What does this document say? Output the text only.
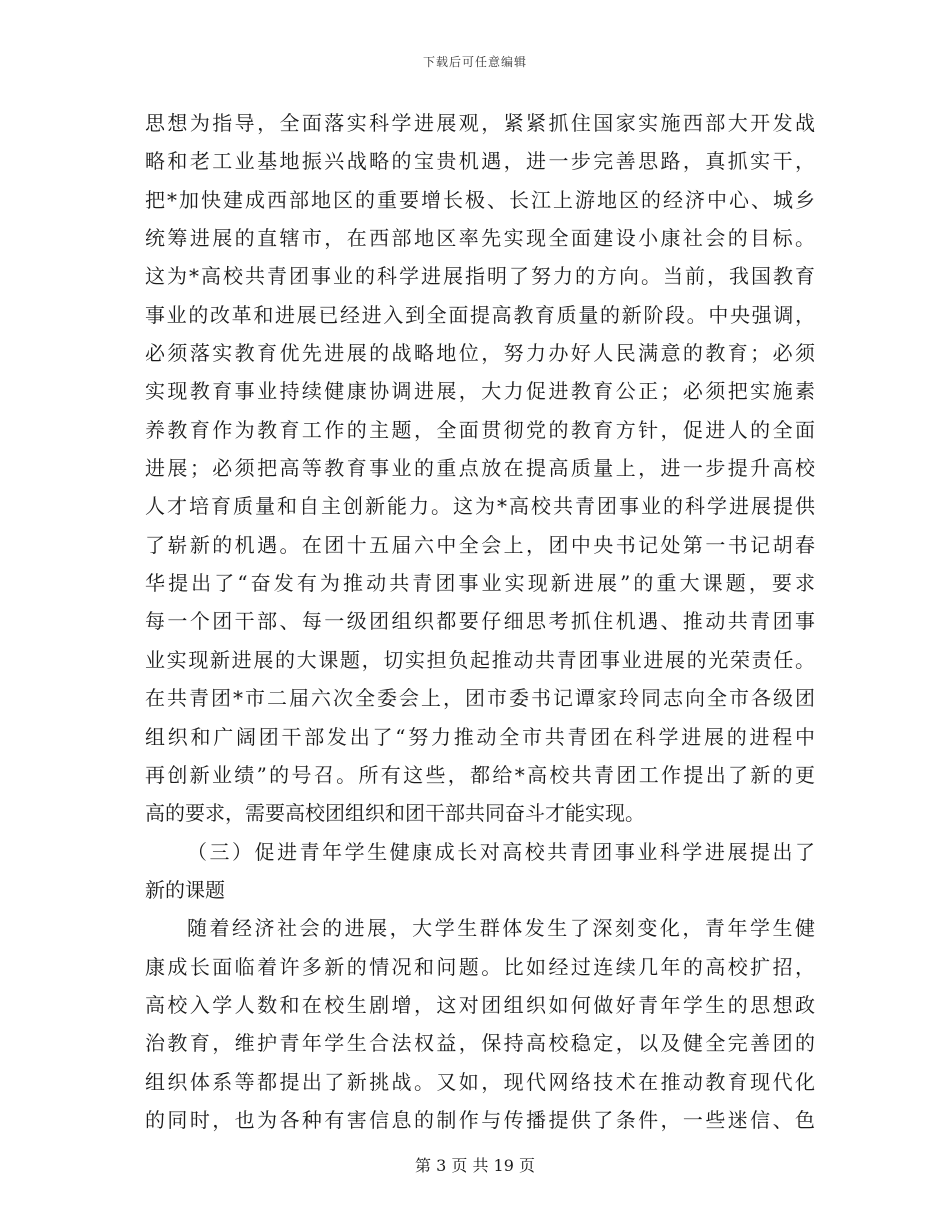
下载后可任意编辑
思想为指导，全面落实科学进展观，紧紧抓住国家实施西部大开发战
略和老工业基地振兴战略的宝贵机遇，进一步完善思路，真抓实干，
把*加快建成西部地区的重要增长极、长江上游地区的经济中心、城乡
统筹进展的直辖市，在西部地区率先实现全面建设小康社会的目标。
这为*高校共青团事业的科学进展指明了努力的方向。当前，我国教育
事业的改革和进展已经进入到全面提高教育质量的新阶段。中央强调，
必须落实教育优先进展的战略地位，努力办好人民满意的教育；必须
实现教育事业持续健康协调进展，大力促进教育公正；必须把实施素
养教育作为教育工作的主题，全面贯彻党的教育方针，促进人的全面
进展；必须把高等教育事业的重点放在提高质量上，进一步提升高校
人才培育质量和自主创新能力。这为*高校共青团事业的科学进展提供
了崭新的机遇。在团十五届六中全会上，团中央书记处第一书记胡春
华提出了“奋发有为推动共青团事业实现新进展”的重大课题，要求
每一个团干部、每一级团组织都要仔细思考抓住机遇、推动共青团事
业实现新进展的大课题，切实担负起推动共青团事业进展的光荣责任。
在共青团*市二届六次全委会上，团市委书记谭家玲同志向全市各级团
组织和广阔团干部发出了“努力推动全市共青团在科学进展的进程中
再创新业绩”的号召。所有这些，都给*高校共青团工作提出了新的更
高的要求，需要高校团组织和团干部共同奋斗才能实现。
（三）促进青年学生健康成长对高校共青团事业科学进展提出了
新的课题
随着经济社会的进展，大学生群体发生了深刻变化，青年学生健
康成长面临着许多新的情况和问题。比如经过连续几年的高校扩招，
高校入学人数和在校生剧增，这对团组织如何做好青年学生的思想政
治教育，维护青年学生合法权益，保持高校稳定，以及健全完善团的
组织体系等都提出了新挑战。又如，现代网络技术在推动教育现代化
的同时，也为各种有害信息的制作与传播提供了条件，一些迷信、色
第 3 页 共 19 页
